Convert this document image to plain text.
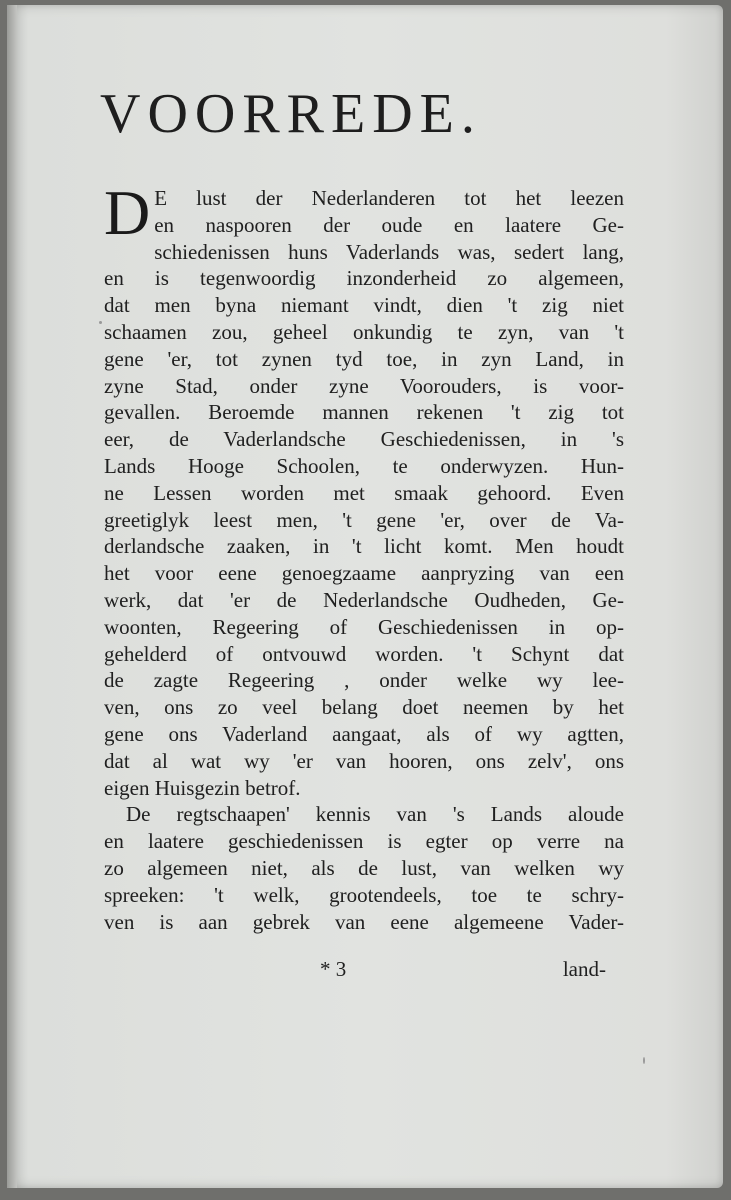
VOORREDE.
D E lust der Nederlanderen tot het leezen
en naspooren der oude en laatere Ge-
schiedenissen huns Vaderlands was, sedert lang,
en is tegenwoordig inzonderheid zo algemeen,
dat men byna niemant vindt, dien 't zig niet
schaamen zou, geheel onkundig te zyn, van 't
gene 'er, tot zynen tyd toe, in zyn Land, in
zyne Stad, onder zyne Voorouders, is voor-
gevallen. Beroemde mannen rekenen 't zig tot
eer, de Vaderlandsche Geschiedenissen, in 's
Lands Hooge Schoolen, te onderwyzen. Hun-
ne Lessen worden met smaak gehoord. Even
greetiglyk leest men, 't gene 'er, over de Va-
derlandsche zaaken, in 't licht komt. Men houdt
het voor eene genoegzaame aanpryzing van een
werk, dat 'er de Nederlandsche Oudheden, Ge-
woonten, Regeering of Geschiedenissen in op-
gehelderd of ontvouwd worden. 't Schynt dat
de zagte Regeering , onder welke wy lee-
ven, ons zo veel belang doet neemen by het
gene ons Vaderland aangaat, als of wy agtten,
dat al wat wy 'er van hooren, ons zelv', ons
eigen Huisgezin betrof.
De regtschaapen' kennis van 's Lands aloude
en laatere geschiedenissen is egter op verre na
zo algemeen niet, als de lust, van welken wy
spreeken: 't welk, grootendeels, toe te schry-
ven is aan gebrek van eene algemeene Vader-
* 3	land-
